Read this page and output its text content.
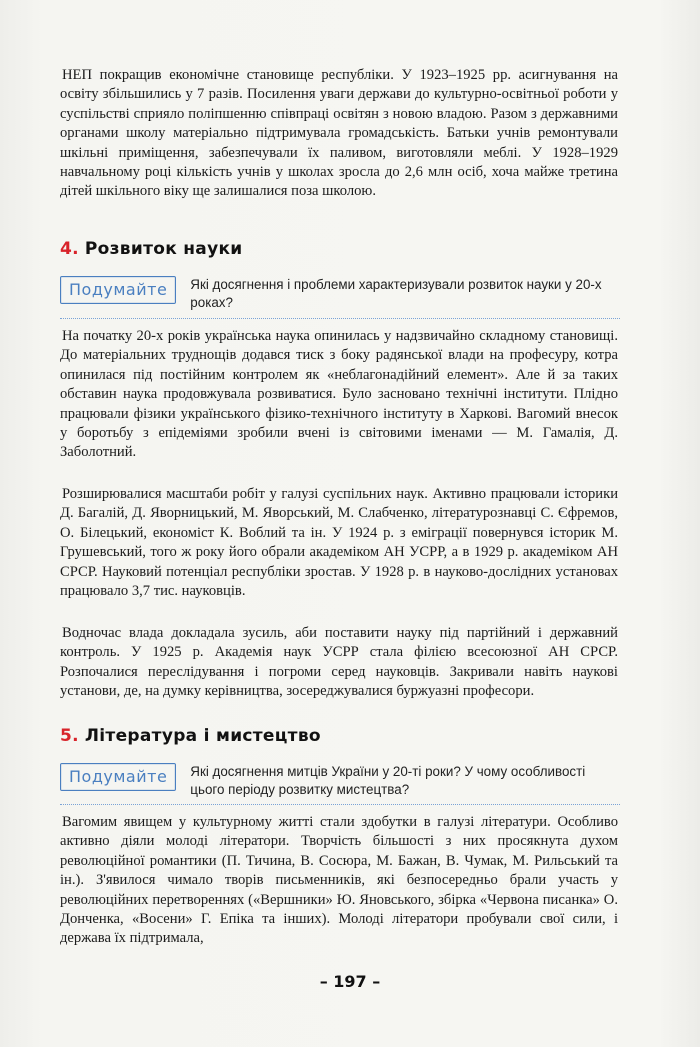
НЕП покращив економічне становище республіки. У 1923–1925 рр. асигнування на освіту збільшились у 7 разів. Посилення уваги держави до культурно-освітньої роботи у суспільстві сприяло поліпшенню співпраці освітян з новою владою. Разом з державними органами школу матеріально підтримувала громадськість. Батьки учнів ремонтували шкільні приміщення, забезпечували їх паливом, виготовляли меблі. У 1928–1929 навчальному році кількість учнів у школах зросла до 2,6 млн осіб, хоча майже третина дітей шкільного віку ще залишалися поза школою.

4. Розвиток науки
Подумайте	Які досягнення і проблеми характеризували розвиток науки у 20-х роках?

На початку 20-х років українська наука опинилась у надзвичайно складному становищі. До матеріальних труднощів додався тиск з боку радянської влади на професуру, котра опинилася під постійним контролем як «неблагонадійний елемент». Але й за таких обставин наука продовжувала розвиватися. Було засновано технічні інститути. Плідно працювали фізики українського фізико-технічного інституту в Харкові. Вагомий внесок у боротьбу з епідеміями зробили вчені із світовими іменами — М. Гамалія, Д. Заболотний.

Розширювалися масштаби робіт у галузі суспільних наук. Активно працювали історики Д. Багалій, Д. Яворницький, М. Яворський, М. Слабченко, літературознавці С. Єфремов, О. Білецький, економіст К. Воблий та ін. У 1924 р. з еміграції повернувся історик М. Грушевський, того ж року його обрали академіком АН УСРР, а в 1929 р. академіком АН СРСР. Науковий потенціал республіки зростав. У 1928 р. в науково-дослідних установах працювало 3,7 тис. науковців.

Водночас влада докладала зусиль, аби поставити науку під партійний і державний контроль. У 1925 р. Академія наук УСРР стала філією всесоюзної АН СРСР. Розпочалися переслідування і погроми серед науковців. Закривали навіть наукові установи, де, на думку керівництва, зосереджувалися буржуазні професори.

5. Література і мистецтво
Подумайте	Які досягнення митців України у 20-ті роки? У чому особливості цього періоду розвитку мистецтва?

Вагомим явищем у культурному житті стали здобутки в галузі літератури. Особливо активно діяли молоді літератори. Творчість більшості з них просякнута духом революційної романтики (П. Тичина, В. Сосюра, М. Бажан, В. Чумак, М. Рильський та ін.). З'явилося чимало творів письменників, які безпосередньо брали участь у революційних перетвореннях («Вершники» Ю. Яновського, збірка «Червона писанка» О. Донченка, «Восени» Г. Епіка та інших). Молоді літератори пробували свої сили, і держава їх підтримала,

– 197 –
